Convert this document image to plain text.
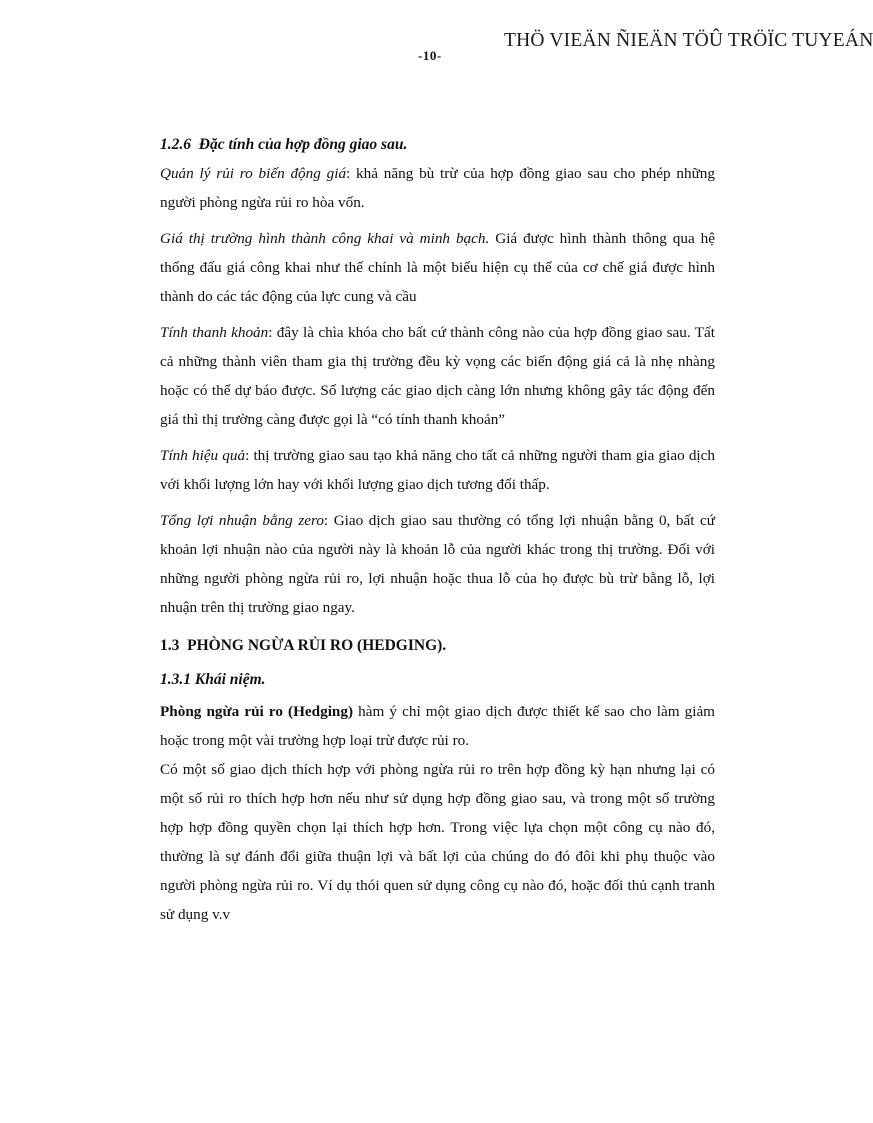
-10-
THÖ VIEÄN ÑIEÄN TÖÛ TRÖÏC TUYEÁN

1.2.6  Đặc tính của hợp đồng giao sau.

Quản lý rủi ro biến động giá: khả năng bù trừ của hợp đồng giao sau cho phép những người phòng ngừa rủi ro hòa vốn.

Giá thị trường hình thành công khai và minh bạch. Giá được hình thành thông qua hệ thống đấu giá công khai như thế chính là một biểu hiện cụ thể của cơ chế giá được hình thành do các tác động của lực cung và cầu

Tính thanh khoản: đây là chìa khóa cho bất cứ thành công nào của hợp đồng giao sau. Tất cả những thành viên tham gia thị trường đều kỳ vọng các biến động giá cả là nhẹ nhàng hoặc có thể dự báo được. Số lượng các giao dịch càng lớn nhưng không gây tác động đến giá thì thị trường càng được gọi là “có tính thanh khoản”

Tính hiệu quả: thị trường giao sau tạo khả năng cho tất cả những người tham gia giao dịch với khối lượng lớn hay với khối lượng giao dịch tương đối thấp.

Tổng lợi nhuận bằng zero: Giao dịch giao sau thường có tổng lợi nhuận bằng 0, bất cứ khoản lợi nhuận nào của người này là khoản lỗ của người khác trong thị trường. Đối với những người phòng ngừa rủi ro, lợi nhuận hoặc thua lỗ của họ được bù trừ bằng lỗ, lợi nhuận trên thị trường giao ngay.

1.3  PHÒNG NGỪA RỦI RO (HEDGING).

1.3.1 Khái niệm.

Phòng ngừa rủi ro (Hedging) hàm ý chỉ một giao dịch được thiết kế sao cho làm giảm hoặc trong một vài trường hợp loại trừ được rủi ro.

Có một số giao dịch thích hợp với phòng ngừa rủi ro trên hợp đồng kỳ hạn nhưng lại có một số rủi ro thích hợp hơn nếu như sử dụng hợp đồng giao sau, và trong một số trường hợp hợp đồng quyền chọn lại thích hợp hơn. Trong việc lựa chọn một công cụ nào đó, thường là sự đánh đổi giữa thuận lợi và bất lợi của chúng do đó đôi khi phụ thuộc vào người phòng ngừa rủi ro. Ví dụ thói quen sử dụng công cụ nào đó, hoặc đối thủ cạnh tranh sử dụng v.v
